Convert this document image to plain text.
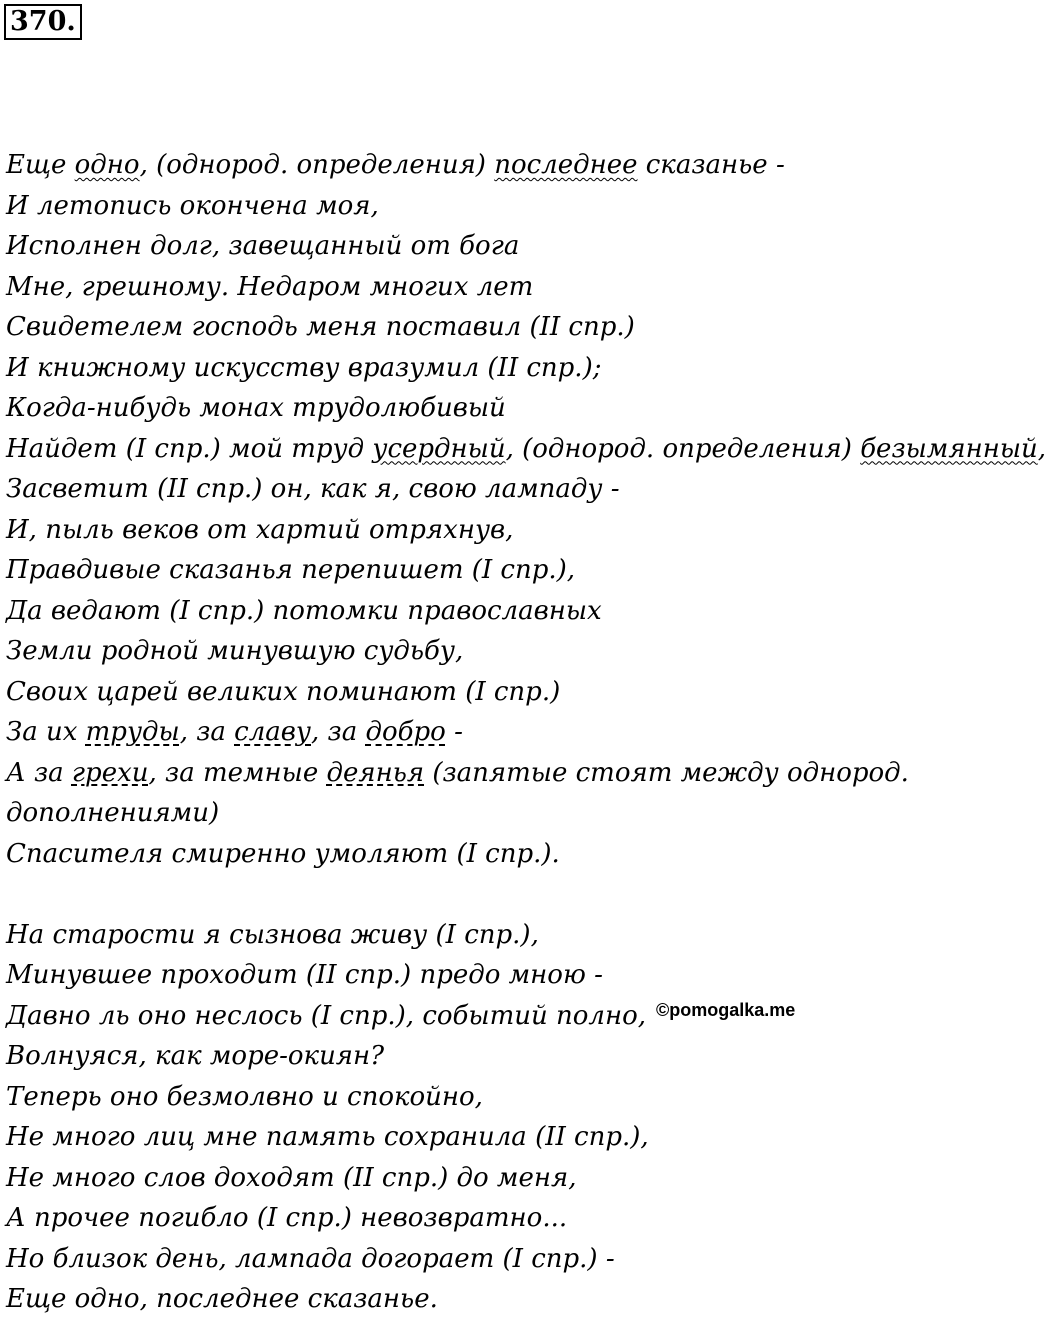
370.
Еще одно, (однород. определения) последнее сказанье -
И летопись окончена моя,
Исполнен долг, завещанный от бога
Мне, грешному. Недаром многих лет
Свидетелем господь меня поставил (II спр.)
И книжному искусству вразумил (II спр.);
Когда-нибудь монах трудолюбивый
Найдет (I спр.) мой труд усердный, (однород. определения) безымянный,
Засветит (II спр.) он, как я, свою лампаду -
И, пыль веков от хартий отряхнув,
Правдивые сказанья перепишет (I спр.),
Да ведают (I спр.) потомки православных
Земли родной минувшую судьбу,
Своих царей великих поминают (I спр.)
За их труды, за славу, за добро -
А за грехи, за темные деянья (запятые стоят между однород.
дополнениями)
Спасителя смиренно умоляют (I спр.).
На старости я сызнова живу (I спр.),
Минувшее проходит (II спр.) предо мною -
Давно ль оно неслось (I спр.), событий полно,
Волнуяся, как море-окиян?
Теперь оно безмолвно и спокойно,
Не много лиц мне память сохранила (II спр.),
Не много слов доходят (II спр.) до меня,
А прочее погибло (I спр.) невозвратно...
Но близок день, лампада догорает (I спр.) -
Еще одно, последнее сказанье.
©pomogalka.me
